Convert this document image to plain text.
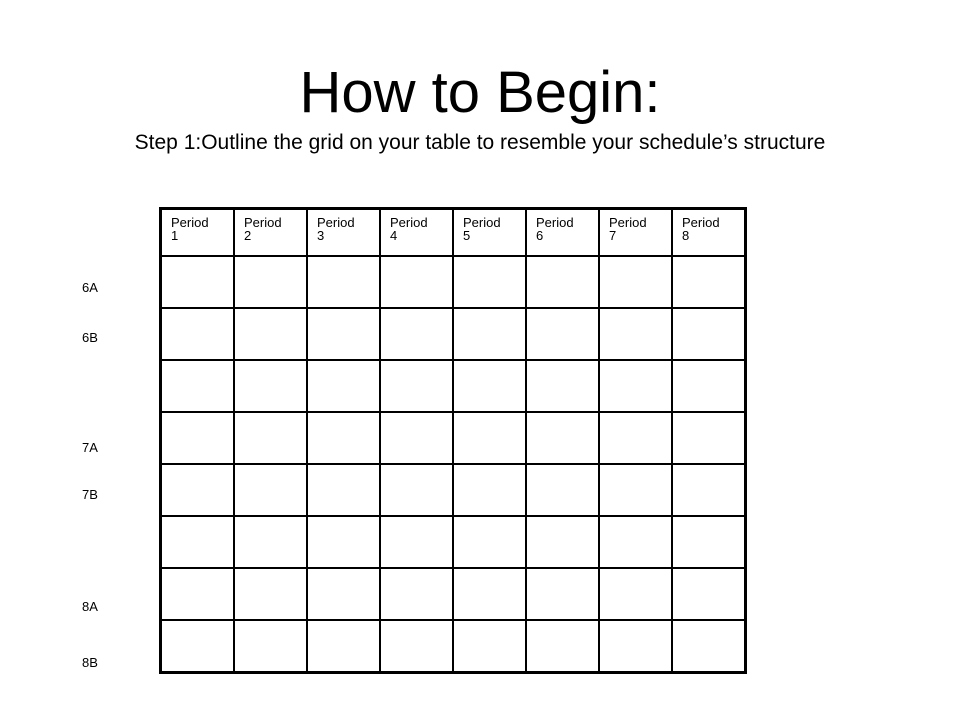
How to Begin:
Step 1:Outline the grid on your table to resemble your schedule’s structure
Period 1	Period 2	Period 3	Period 4	Period 5	Period 6	Period 7	Period 8

6A
6B
7A
7B
8A
8B
